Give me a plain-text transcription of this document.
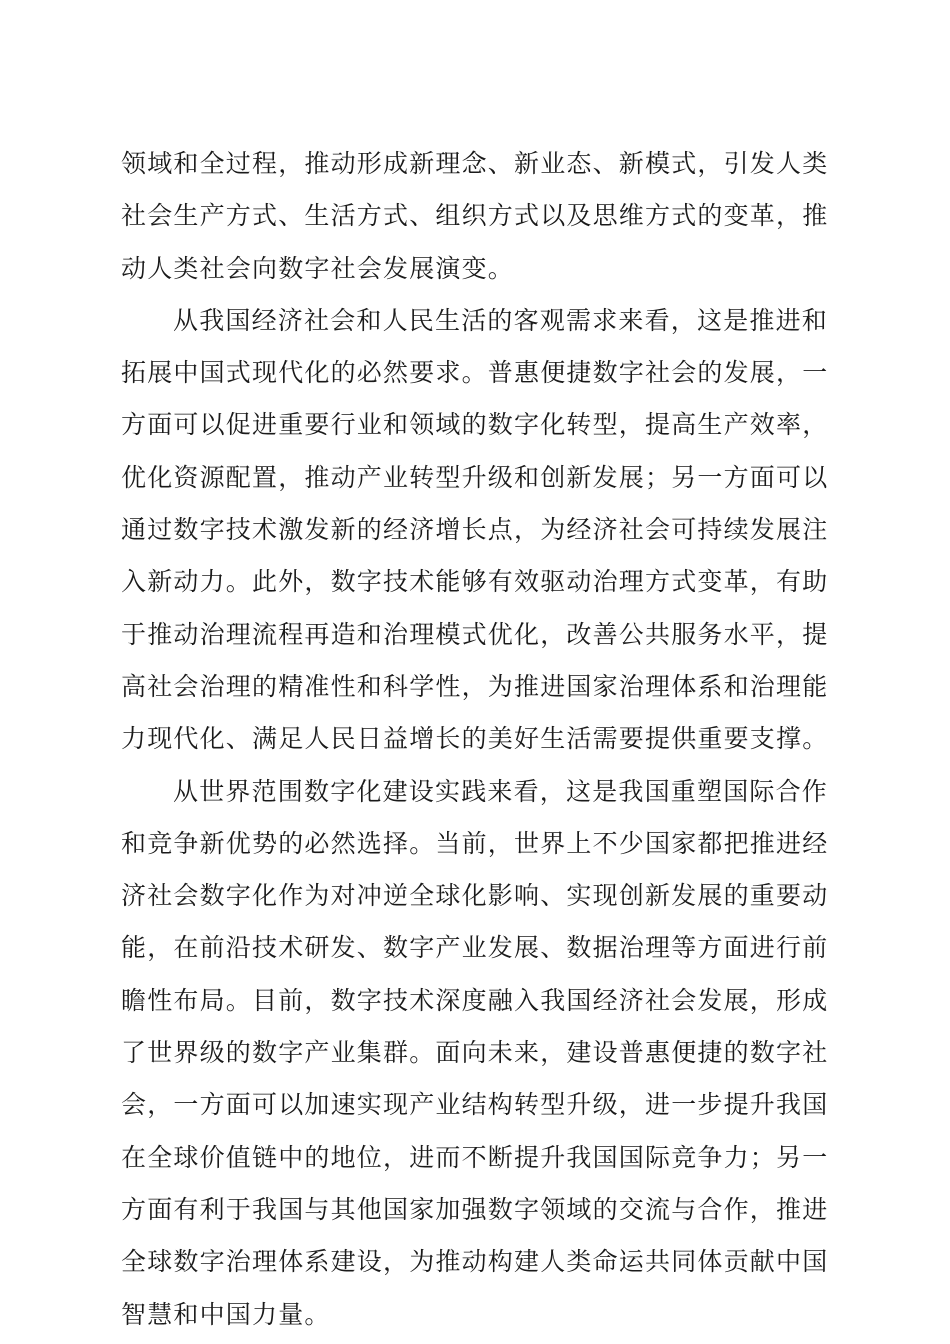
领域和全过程，推动形成新理念、新业态、新模式，引发人类
社会生产方式、生活方式、组织方式以及思维方式的变革，推
动人类社会向数字社会发展演变。
从我国经济社会和人民生活的客观需求来看，这是推进和
拓展中国式现代化的必然要求。普惠便捷数字社会的发展，一
方面可以促进重要行业和领域的数字化转型，提高生产效率，
优化资源配置，推动产业转型升级和创新发展；另一方面可以
通过数字技术激发新的经济增长点，为经济社会可持续发展注
入新动力。此外，数字技术能够有效驱动治理方式变革，有助
于推动治理流程再造和治理模式优化，改善公共服务水平，提
高社会治理的精准性和科学性，为推进国家治理体系和治理能
力现代化、满足人民日益增长的美好生活需要提供重要支撑。
从世界范围数字化建设实践来看，这是我国重塑国际合作
和竞争新优势的必然选择。当前，世界上不少国家都把推进经
济社会数字化作为对冲逆全球化影响、实现创新发展的重要动
能，在前沿技术研发、数字产业发展、数据治理等方面进行前
瞻性布局。目前，数字技术深度融入我国经济社会发展，形成
了世界级的数字产业集群。面向未来，建设普惠便捷的数字社
会，一方面可以加速实现产业结构转型升级，进一步提升我国
在全球价值链中的地位，进而不断提升我国国际竞争力；另一
方面有利于我国与其他国家加强数字领域的交流与合作，推进
全球数字治理体系建设，为推动构建人类命运共同体贡献中国
智慧和中国力量。
